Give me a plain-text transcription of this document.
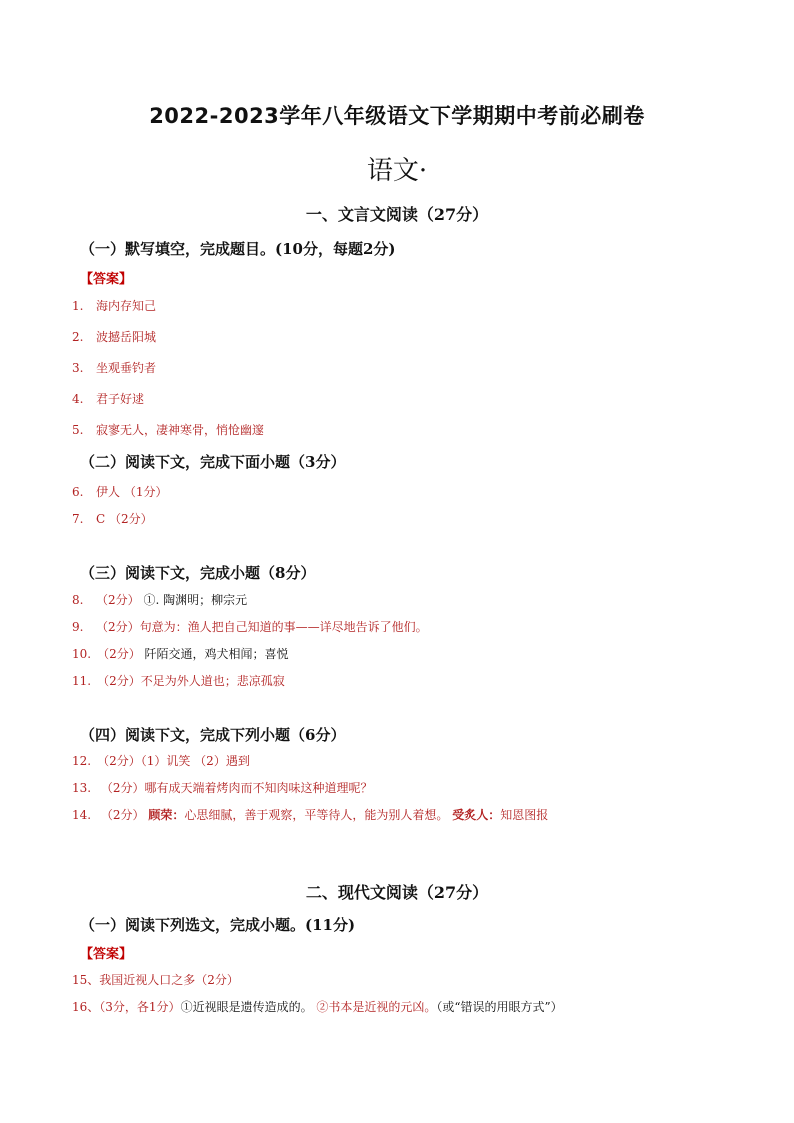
2022-2023学年八年级语文下学期期中考前必刷卷
语文·
一、文言文阅读（27分）
（一）默写填空，完成题目。(10分，每题2分)
【答案】
1. 海内存知己
2. 波撼岳阳城
3. 坐观垂钓者
4. 君子好逑
5. 寂寥无人，凄神寒骨，悄怆幽邃
（二）阅读下文，完成下面小题（3分）
6. 伊人 （1分）
7. C （2分）
（三）阅读下文，完成小题（8分）
8. （2分） ①. 陶渊明；柳宗元
9. （2分）句意为：渔人把自己知道的事——详尽地告诉了他们。
10. （2分） 阡陌交通，鸡犬相闻；喜悦
11. （2分）不足为外人道也；悲凉孤寂
（四）阅读下文，完成下列小题（6分）
12. （2分）（1）讥笑 （2）遇到
13. （2分）哪有成天端着烤肉而不知肉味这种道理呢？
14. （2分） 顾荣：心思细腻，善于观察，平等待人，能为别人着想。 受炙人：知恩图报
二、现代文阅读（27分）
（一）阅读下列选文，完成小题。(11分)
【答案】
15、我国近视人口之多（2分）
16、（3分，各1分）①近视眼是遗传造成的。 ②书本是近视的元凶。（或“错误的用眼方式”）
